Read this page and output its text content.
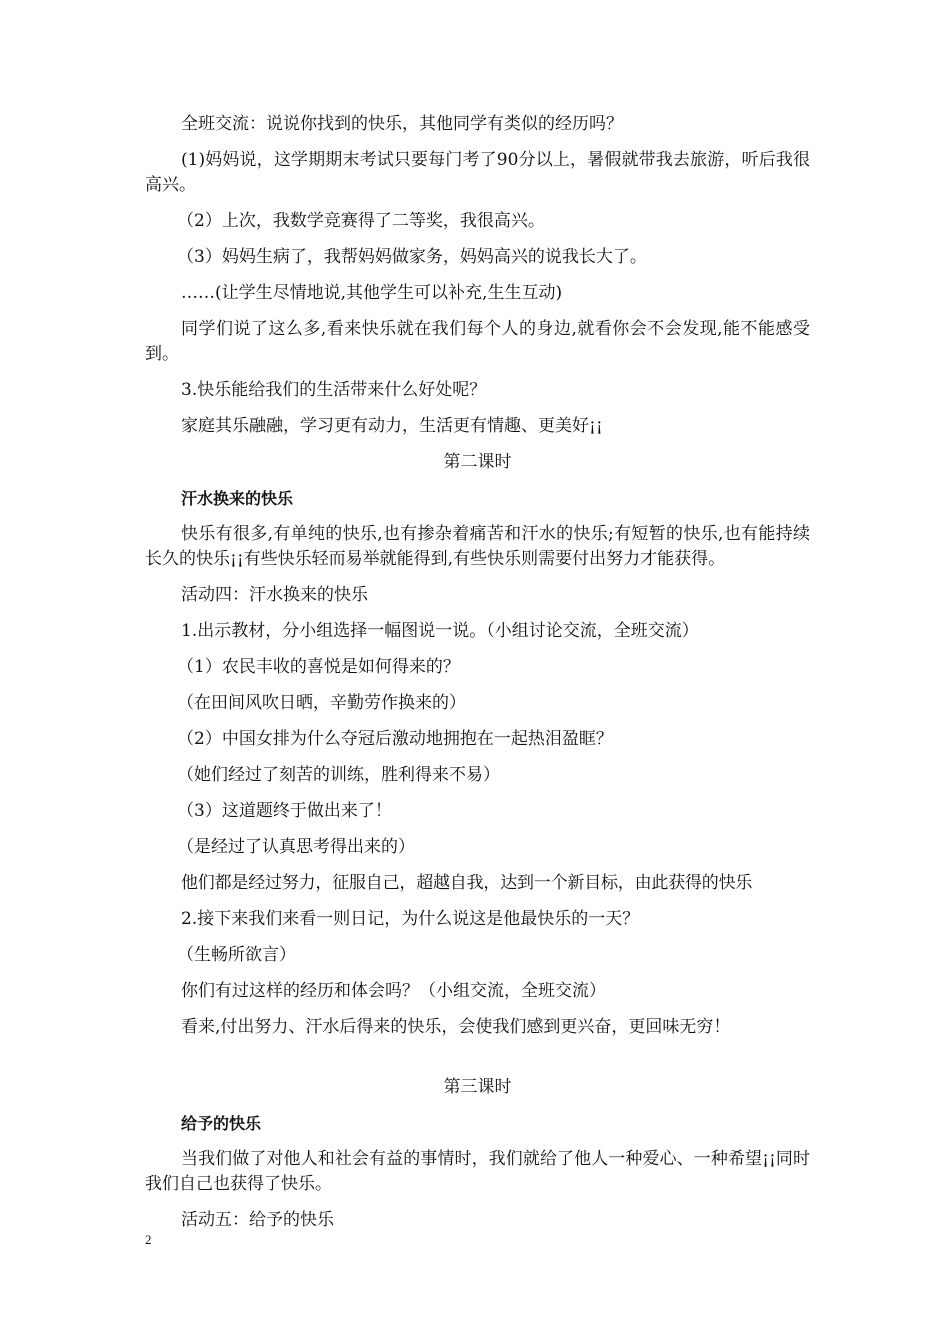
全班交流：说说你找到的快乐，其他同学有类似的经历吗？

(1)妈妈说，这学期期末考试只要每门考了90分以上，暑假就带我去旅游，听后我很高兴。

（2）上次，我数学竞赛得了二等奖，我很高兴。

（3）妈妈生病了，我帮妈妈做家务，妈妈高兴的说我长大了。

……(让学生尽情地说,其他学生可以补充,生生互动)

同学们说了这么多,看来快乐就在我们每个人的身边,就看你会不会发现,能不能感受到。

3.快乐能给我们的生活带来什么好处呢？

家庭其乐融融，学习更有动力，生活更有情趣、更美好¡¡

第二课时

汗水换来的快乐

快乐有很多,有单纯的快乐,也有掺杂着痛苦和汗水的快乐;有短暂的快乐,也有能持续长久的快乐¡¡有些快乐轻而易举就能得到,有些快乐则需要付出努力才能获得。

活动四：汗水换来的快乐

1.出示教材，分小组选择一幅图说一说。（小组讨论交流，全班交流）

（1）农民丰收的喜悦是如何得来的？

（在田间风吹日晒，辛勤劳作换来的）

（2）中国女排为什么夺冠后激动地拥抱在一起热泪盈眶？

（她们经过了刻苦的训练，胜利得来不易）

（3）这道题终于做出来了！

（是经过了认真思考得出来的）

他们都是经过努力，征服自己，超越自我，达到一个新目标，由此获得的快乐

2.接下来我们来看一则日记，为什么说这是他最快乐的一天？

（生畅所欲言）

你们有过这样的经历和体会吗？（小组交流，全班交流）

看来,付出努力、汗水后得来的快乐，会使我们感到更兴奋，更回味无穷！

第三课时

给予的快乐

当我们做了对他人和社会有益的事情时，我们就给了他人一种爱心、一种希望¡¡同时我们自己也获得了快乐。

活动五：给予的快乐

2
